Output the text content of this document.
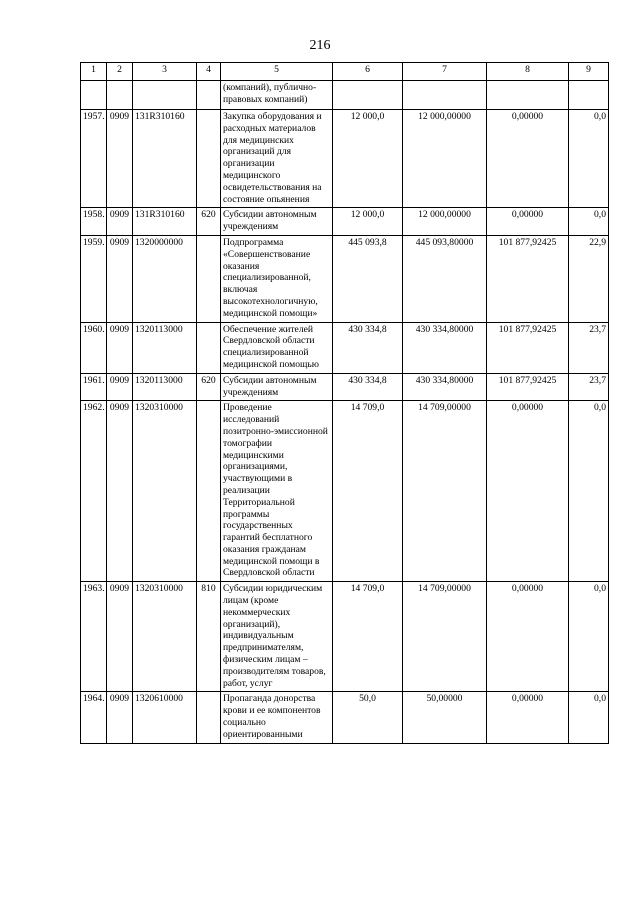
216
1	2	3	4	5	6	7	8	9
				(компаний), публично-правовых компаний)				
1957.	0909	131R310160		Закупка оборудования и расходных материалов для медицинских организаций для организации медицинского освидетельствования на состояние опьянения	12 000,0	12 000,00000	0,00000	0,0
1958.	0909	131R310160	620	Субсидии автономным учреждениям	12 000,0	12 000,00000	0,00000	0,0
1959.	0909	1320000000		Подпрограмма «Совершенствование оказания специализированной, включая высокотехнологичную, медицинской помощи»	445 093,8	445 093,80000	101 877,92425	22,9
1960.	0909	1320113000		Обеспечение жителей Свердловской области специализированной медицинской помощью	430 334,8	430 334,80000	101 877,92425	23,7
1961.	0909	1320113000	620	Субсидии автономным учреждениям	430 334,8	430 334,80000	101 877,92425	23,7
1962.	0909	1320310000		Проведение исследований позитронно-эмиссионной томографии медицинскими организациями, участвующими в реализации Территориальной программы государственных гарантий бесплатного оказания гражданам медицинской помощи в Свердловской области	14 709,0	14 709,00000	0,00000	0,0
1963.	0909	1320310000	810	Субсидии юридическим лицам (кроме некоммерческих организаций), индивидуальным предпринимателям, физическим лицам – производителям товаров, работ, услуг	14 709,0	14 709,00000	0,00000	0,0
1964.	0909	1320610000		Пропаганда донорства крови и ее компонентов социально ориентированными	50,0	50,00000	0,00000	0,0
